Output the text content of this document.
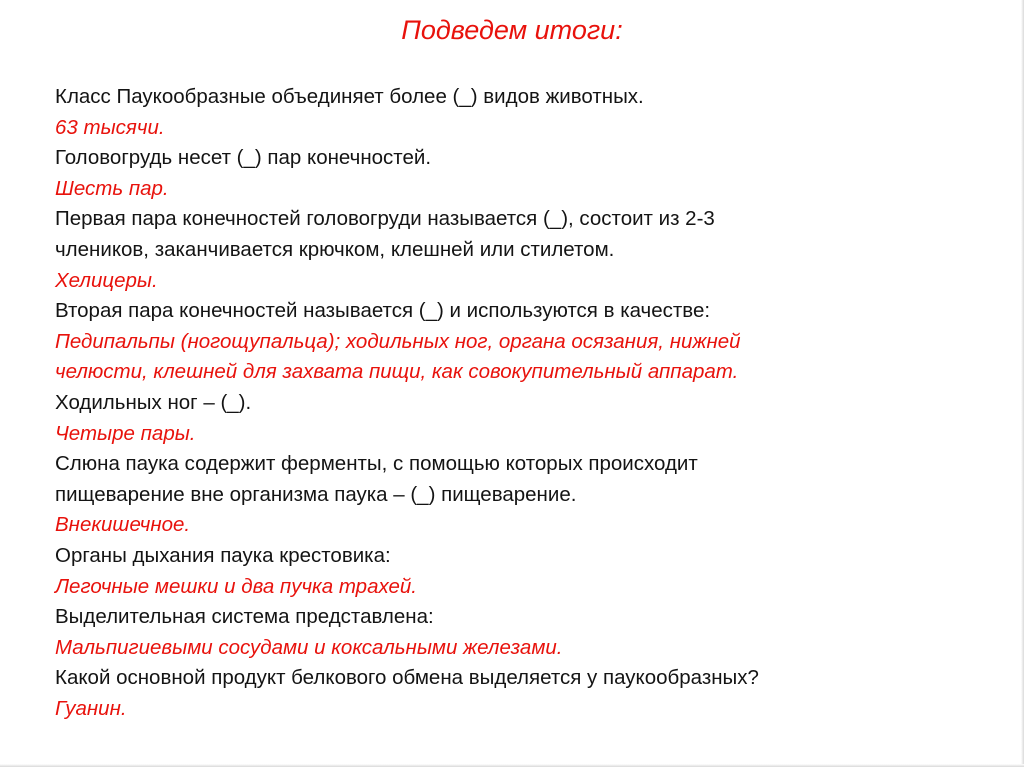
Подведем итоги:
Класс Паукообразные объединяет более (_) видов животных.
63 тысячи.
Головогрудь несет (_) пар конечностей.
Шесть пар.
Первая пара конечностей головогруди называется (_), состоит из 2-3
члеников, заканчивается крючком, клешней или стилетом.
Хелицеры.
Вторая пара конечностей называется (_) и используются в качестве:
Педипальпы (ногощупальца); ходильных ног, органа осязания, нижней
челюсти, клешней для захвата пищи, как совокупительный аппарат.
Ходильных ног – (_).
Четыре пары.
Слюна паука содержит ферменты, с помощью которых происходит
пищеварение вне организма паука – (_) пищеварение.
Внекишечное.
Органы дыхания паука крестовика:
Легочные мешки и два пучка трахей.
Выделительная система представлена:
Мальпигиевыми сосудами и коксальными железами.
Какой основной продукт белкового обмена выделяется у паукообразных?
Гуанин.
